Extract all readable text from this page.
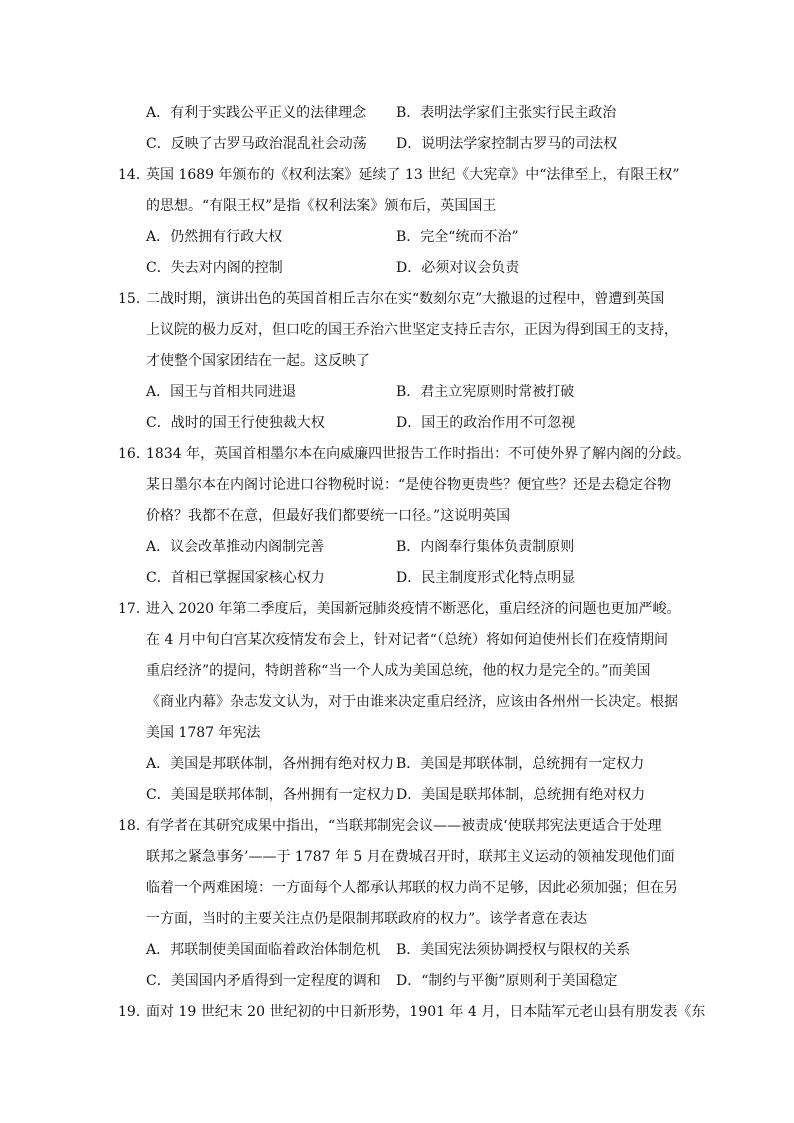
A．有利于实践公平正义的法律理念 B．表明法学家们主张实行民主政治
C．反映了古罗马政治混乱社会动荡 D．说明法学家控制古罗马的司法权
14．
英国 1689 年颁布的《权利法案》延续了 13 世纪《大宪章》中“法律至上，有限王权”
的思想。“有限王权”是指《权利法案》颁布后，英国国王
A．仍然拥有行政大权	B．完全“统而不治”
C．失去对内阁的控制	D．必须对议会负责
15．
二战时期，演讲出色的英国首相丘吉尔在实“数刻尔克”大撤退的过程中，曾遭到英国
上议院的极力反对，但口吃的国王乔治六世坚定支持丘吉尔，正因为得到国王的支持，
才使整个国家团结在一起。这反映了
A．国王与首相共同进退	B．君主立宪原则时常被打破
C．战时的国王行使独裁大权	D．国王的政治作用不可忽视
16．
1834 年，英国首相墨尔本在向威廉四世报告工作时指出：不可使外界了解内阁的分歧。
某日墨尔本在内阁讨论进口谷物税时说：“是使谷物更贵些？便宜些？还是去稳定谷物
价格？我都不在意，但最好我们都要统一口径。”这说明英国
A．议会改革推动内阁制完善	B．内阁奉行集体负责制原则
C．首相已掌握国家核心权力	D．民主制度形式化特点明显
17．
进入 2020 年第二季度后，美国新冠肺炎疫情不断恶化，重启经济的问题也更加严峻。
在 4 月中旬白宫某次疫情发布会上，针对记者“（总统）将如何迫使州长们在疫情期间
重启经济”的提问，特朗普称“当一个人成为美国总统，他的权力是完全的。”而美国
《商业内幕》杂志发文认为，对于由谁来决定重启经济，应该由各州州一长决定。根据
美国 1787 年宪法
A．美国是邦联体制，各州拥有绝对权力 B．美国是邦联体制，总统拥有一定权力
C．美国是联邦体制，各州拥有一定权力 D．美国是联邦体制，总统拥有绝对权力
18．
有学者在其研究成果中指出，“当联邦制宪会议——被责成‘使联邦宪法更适合于处理
联邦之紧急事务’——于 1787 年 5 月在费城召开时，联邦主义运动的领袖发现他们面
临着一个两难困境：一方面每个人都承认邦联的权力尚不足够，因此必须加强；但在另
一方面，当时的主要关注点仍是限制邦联政府的权力”。该学者意在表达
A．邦联制使美国面临着政治体制危机 B．美国宪法须协调授权与限权的关系
C．美国国内矛盾得到一定程度的调和 D．“制约与平衡”原则利于美国稳定
19．
面对 19 世纪末 20 世纪初的中日新形势，1901 年 4 月，日本陆军元老山县有朋发表《东
